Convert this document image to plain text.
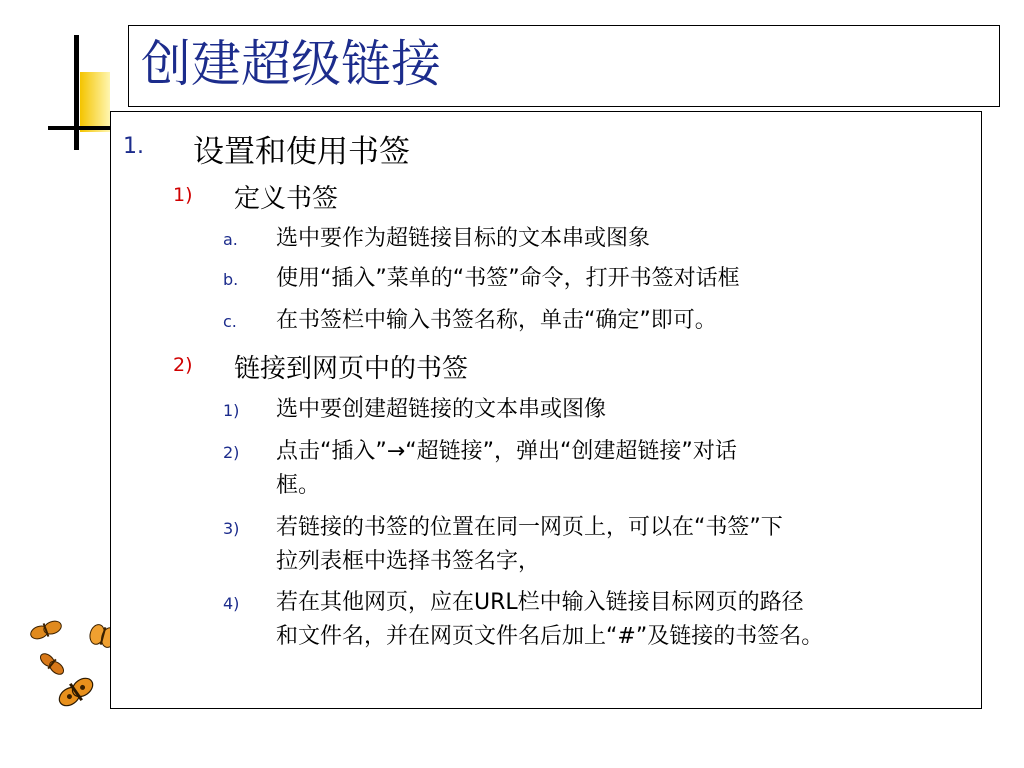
创建超级链接
1. 设置和使用书签
1) 定义书签
a. 选中要作为超链接目标的文本串或图象
b. 使用“插入”菜单的“书签”命令，打开书签对话框
c. 在书签栏中输入书签名称，单击“确定”即可。
2) 链接到网页中的书签
1) 选中要创建超链接的文本串或图像
2) 点击“插入”→“超链接”，弹出“创建超链接”对话
框。
3) 若链接的书签的位置在同一网页上，可以在“书签”下
拉列表框中选择书签名字，
4) 若在其他网页，应在URL栏中输入链接目标网页的路径
和文件名，并在网页文件名后加上“#”及链接的书签名。
